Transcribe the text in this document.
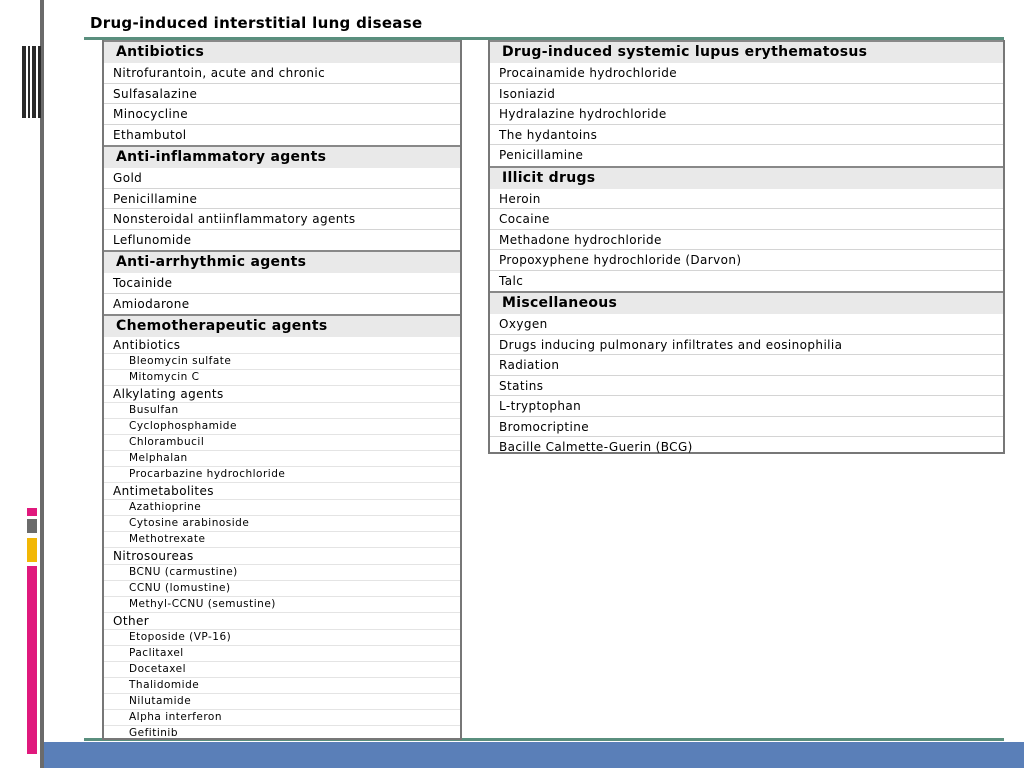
Drug-induced interstitial lung disease
Antibiotics
Nitrofurantoin, acute and chronic
Sulfasalazine
Minocycline
Ethambutol
Anti-inflammatory agents
Gold
Penicillamine
Nonsteroidal antiinflammatory agents
Leflunomide
Anti-arrhythmic agents
Tocainide
Amiodarone
Chemotherapeutic agents
Antibiotics
Bleomycin sulfate
Mitomycin C
Alkylating agents
Busulfan
Cyclophosphamide
Chlorambucil
Melphalan
Procarbazine hydrochloride
Antimetabolites
Azathioprine
Cytosine arabinoside
Methotrexate
Nitrosoureas
BCNU (carmustine)
CCNU (lomustine)
Methyl-CCNU (semustine)
Other
Etoposide (VP-16)
Paclitaxel
Docetaxel
Thalidomide
Nilutamide
Alpha interferon
Gefitinib
Drug-induced systemic lupus erythematosus
Procainamide hydrochloride
Isoniazid
Hydralazine hydrochloride
The hydantoins
Penicillamine
Illicit drugs
Heroin
Cocaine
Methadone hydrochloride
Propoxyphene hydrochloride (Darvon)
Talc
Miscellaneous
Oxygen
Drugs inducing pulmonary infiltrates and eosinophilia
Radiation
Statins
L-tryptophan
Bromocriptine
Bacille Calmette-Guerin (BCG)
